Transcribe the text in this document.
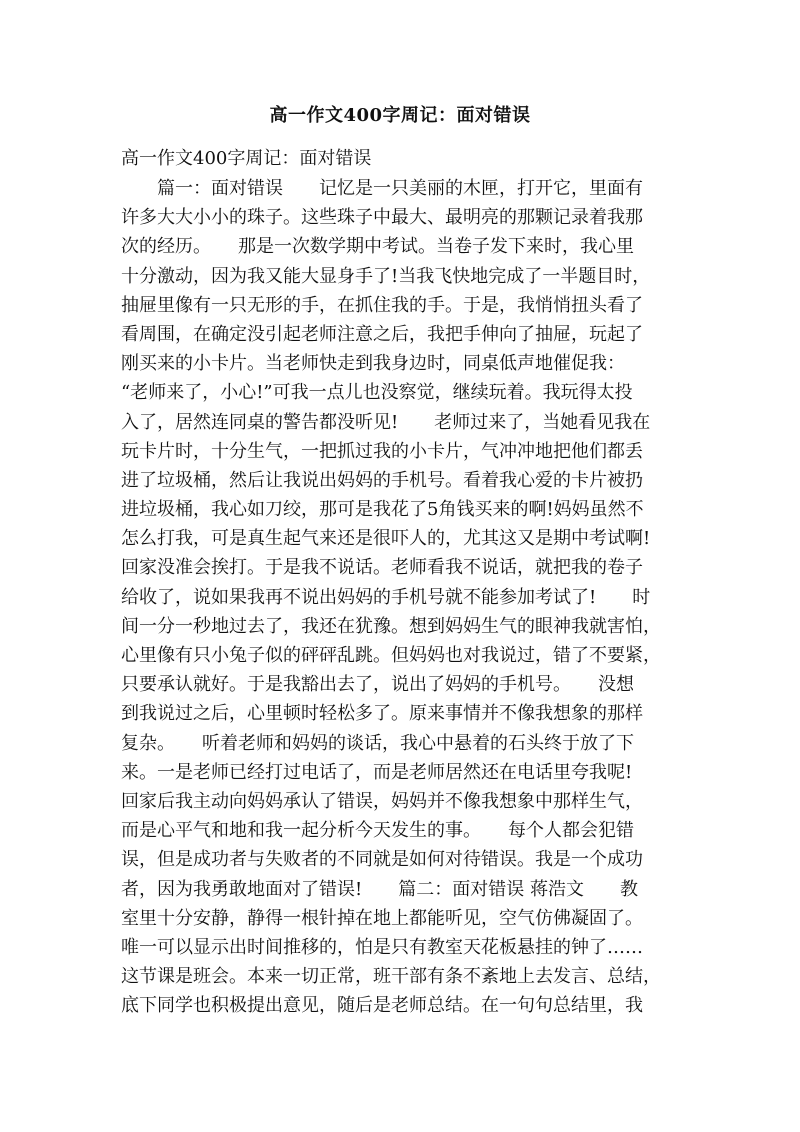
高一作文400字周记：面对错误
高一作文400字周记：面对错误
　　篇一：面对错误　　记忆是一只美丽的木匣，打开它，里面有
许多大大小小的珠子。这些珠子中最大、最明亮的那颗记录着我那
次的经历。　　那是一次数学期中考试。当卷子发下来时，我心里
十分激动，因为我又能大显身手了!当我飞快地完成了一半题目时，
抽屉里像有一只无形的手，在抓住我的手。于是，我悄悄扭头看了
看周围，在确定没引起老师注意之后，我把手伸向了抽屉，玩起了
刚买来的小卡片。当老师快走到我身边时，同桌低声地催促我：
“老师来了，小心!”可我一点儿也没察觉，继续玩着。我玩得太投
入了，居然连同桌的警告都没听见!　　老师过来了，当她看见我在
玩卡片时，十分生气，一把抓过我的小卡片，气冲冲地把他们都丢
进了垃圾桶，然后让我说出妈妈的手机号。看着我心爱的卡片被扔
进垃圾桶，我心如刀绞，那可是我花了5角钱买来的啊!妈妈虽然不
怎么打我，可是真生起气来还是很吓人的，尤其这又是期中考试啊!
回家没准会挨打。于是我不说话。老师看我不说话，就把我的卷子
给收了，说如果我再不说出妈妈的手机号就不能参加考试了!　　时
间一分一秒地过去了，我还在犹豫。想到妈妈生气的眼神我就害怕，
心里像有只小兔子似的砰砰乱跳。但妈妈也对我说过，错了不要紧，
只要承认就好。于是我豁出去了，说出了妈妈的手机号。　　没想
到我说过之后，心里顿时轻松多了。原来事情并不像我想象的那样
复杂。　　听着老师和妈妈的谈话，我心中悬着的石头终于放了下
来。一是老师已经打过电话了，而是老师居然还在电话里夸我呢!
回家后我主动向妈妈承认了错误，妈妈并不像我想象中那样生气，
而是心平气和地和我一起分析今天发生的事。　　每个人都会犯错
误，但是成功者与失败者的不同就是如何对待错误。我是一个成功
者，因为我勇敢地面对了错误!　　篇二：面对错误 蒋浩文　　教
室里十分安静，静得一根针掉在地上都能听见，空气仿佛凝固了。
唯一可以显示出时间推移的，怕是只有教室天花板悬挂的钟了……
这节课是班会。本来一切正常，班干部有条不紊地上去发言、总结，
底下同学也积极提出意见，随后是老师总结。在一句句总结里，我
